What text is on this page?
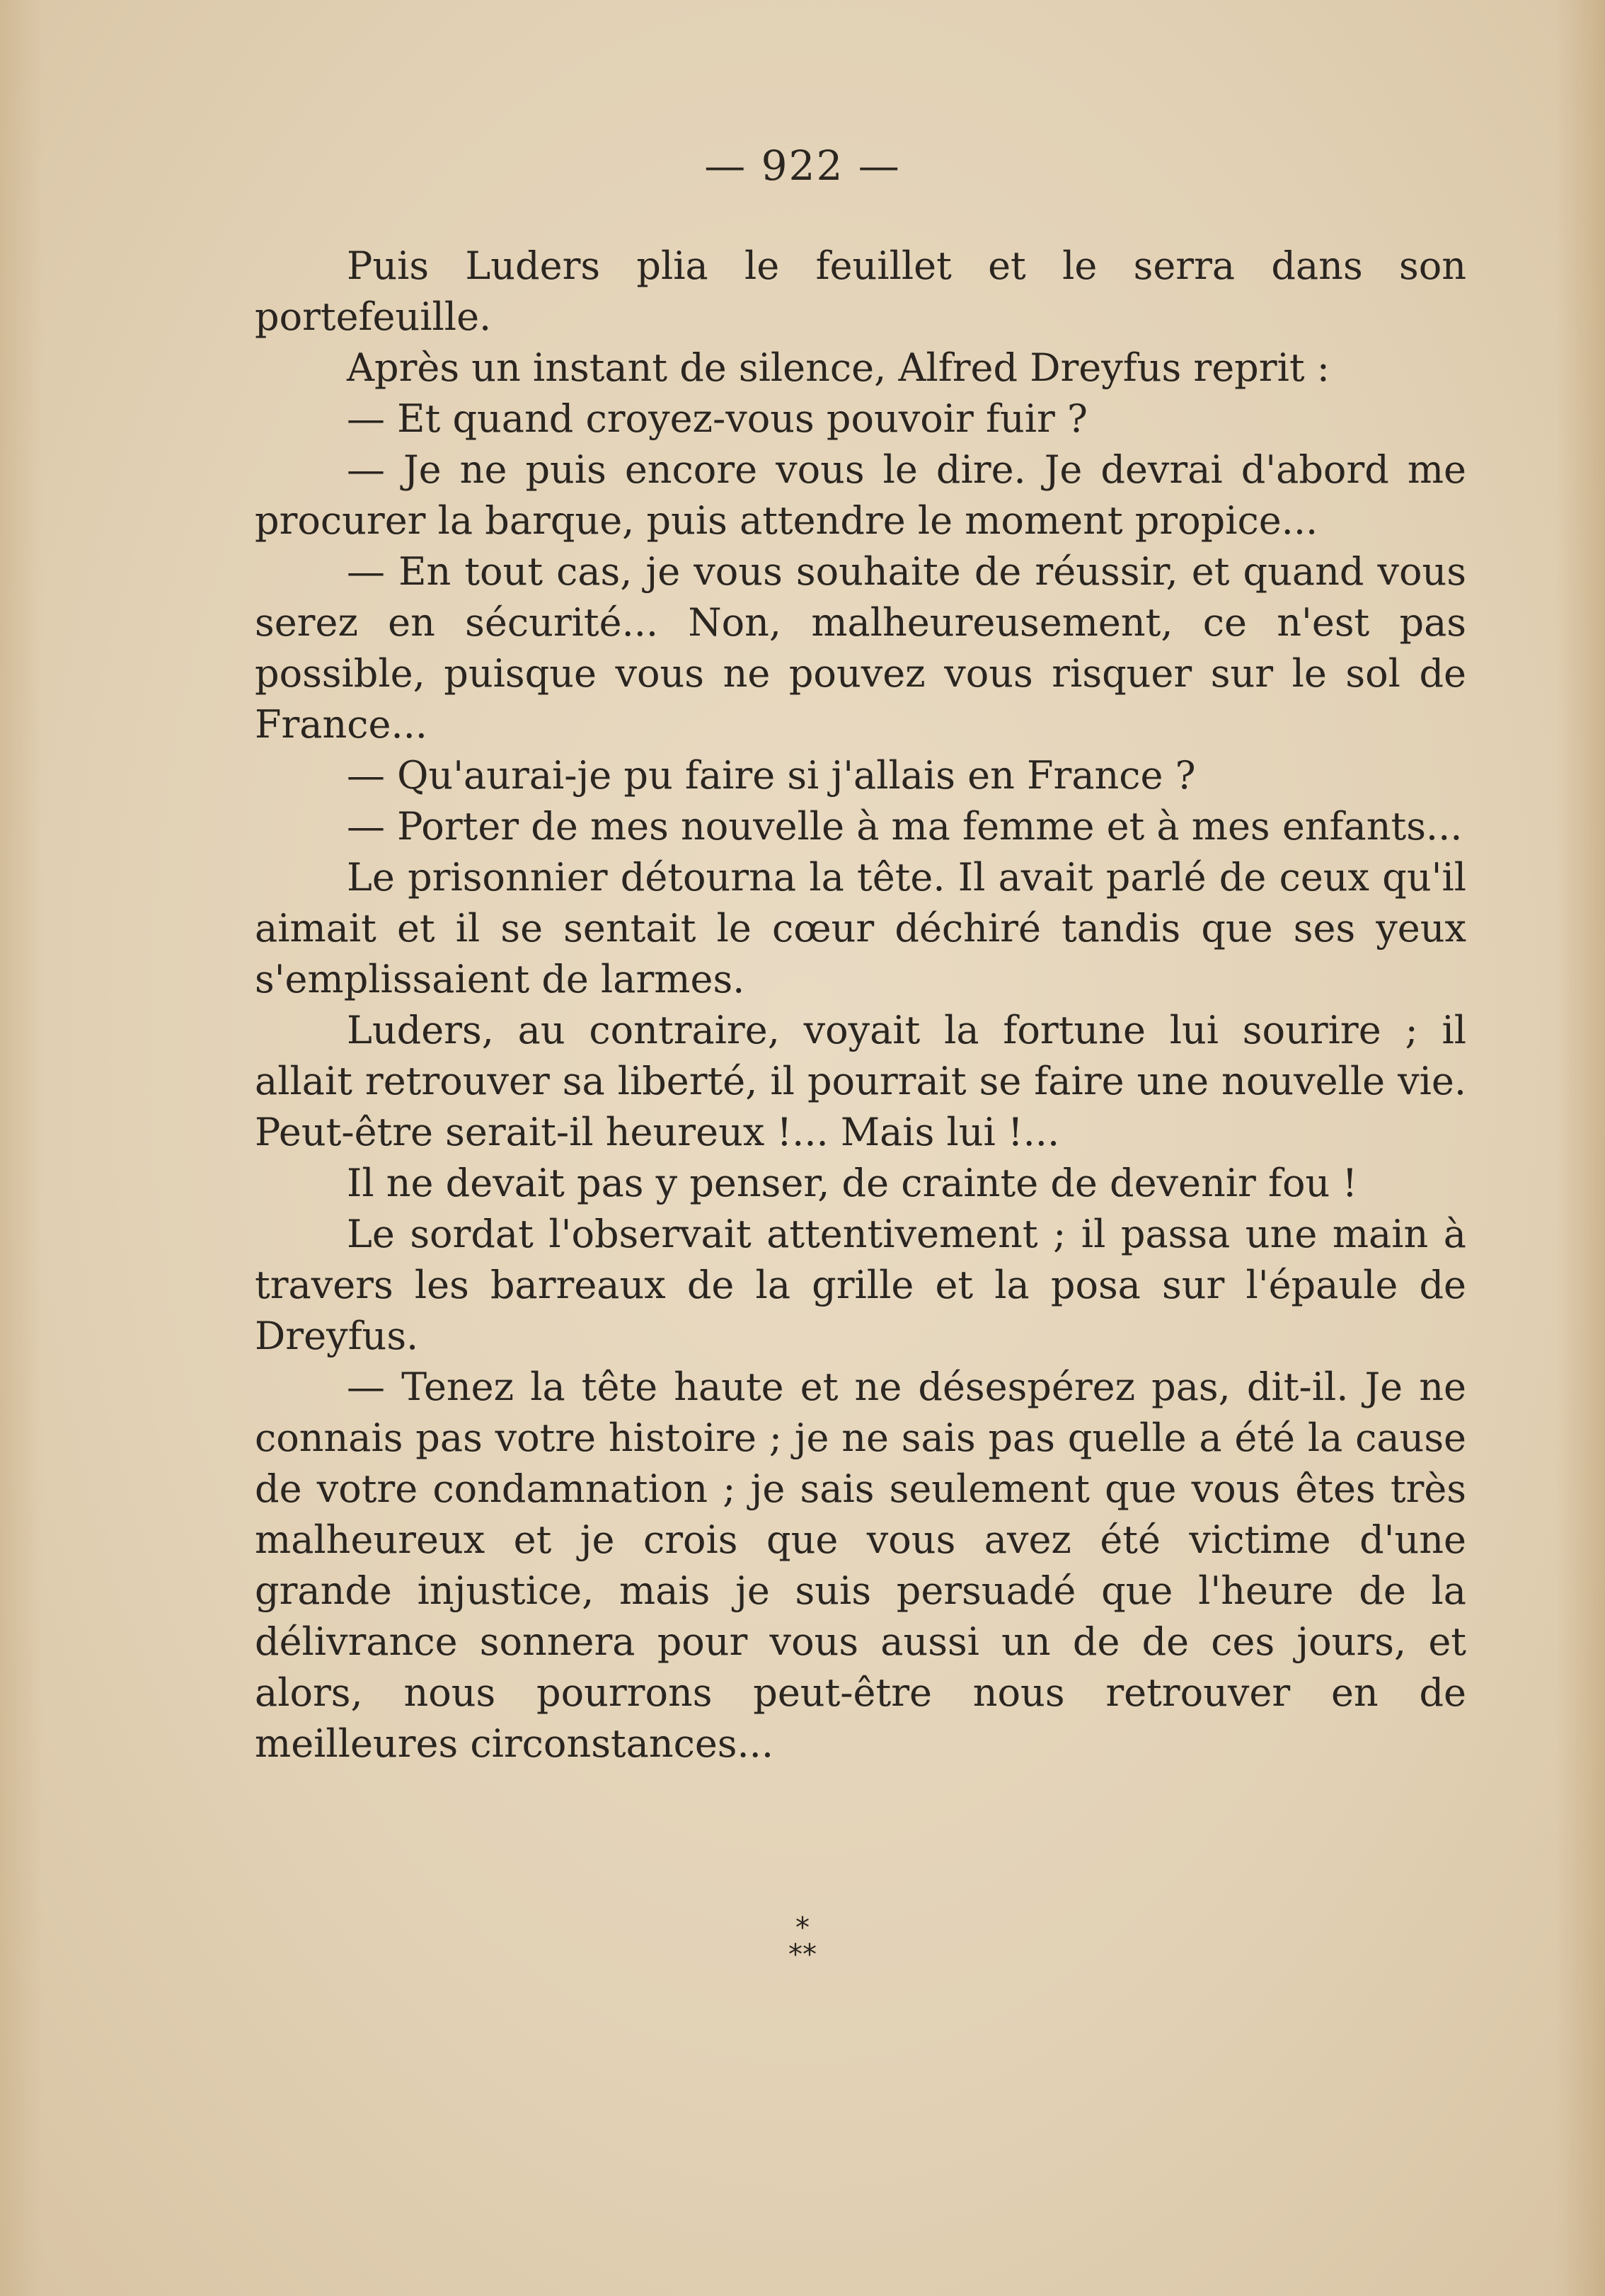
— 922 —

Puis Luders plia le feuillet et le serra dans son portefeuille.

Après un instant de silence, Alfred Dreyfus reprit :

— Et quand croyez-vous pouvoir fuir ?

— Je ne puis encore vous le dire. Je devrai d'abord me procurer la barque, puis attendre le moment propice...

— En tout cas, je vous souhaite de réussir, et quand vous serez en sécurité... Non, malheureusement, ce n'est pas possible, puisque vous ne pouvez vous risquer sur le sol de France...

— Qu'aurai-je pu faire si j'allais en France ?

— Porter de mes nouvelle à ma femme et à mes enfants...

Le prisonnier détourna la tête. Il avait parlé de ceux qu'il aimait et il se sentait le cœur déchiré tandis que ses yeux s'emplissaient de larmes.

Luders, au contraire, voyait la fortune lui sourire ; il allait retrouver sa liberté, il pourrait se faire une nouvelle vie. Peut-être serait-il heureux !... Mais lui !...

Il ne devait pas y penser, de crainte de devenir fou !

Le sordat l'observait attentivement ; il passa une main à travers les barreaux de la grille et la posa sur l'épaule de Dreyfus.

— Tenez la tête haute et ne désespérez pas, dit-il. Je ne connais pas votre histoire ; je ne sais pas quelle a été la cause de votre condamnation ; je sais seulement que vous êtes très malheureux et je crois que vous avez été victime d'une grande injustice, mais je suis persuadé que l'heure de la délivrance sonnera pour vous aussi un de de ces jours, et alors, nous pourrons peut-être nous retrouver en de meilleures circonstances...

*
**
